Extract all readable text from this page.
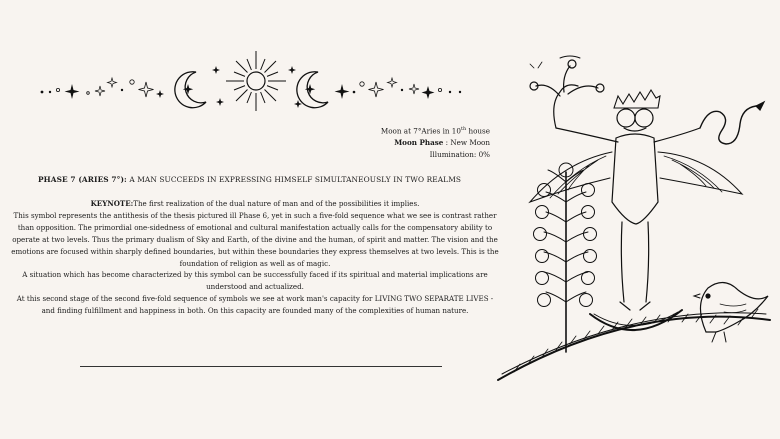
Moon at 7°Aries in 10th house
Moon Phase : New Moon
Illumination: 0%
PHASE 7 (ARIES 7°): A MAN SUCCEEDS IN EXPRESSING HIMSELF SIMULTANEOUSLY IN TWO REALMS

KEYNOTE:The first realization of the dual nature of man and of the possibilities it implies.

This symbol represents the antithesis of the thesis pictured ill Phase 6, yet in such a five-fold sequence what we see is contrast rather than opposition. The primordial one-sidedness of emotional and cultural manifestation actually calls for the compensatory ability to operate at two levels. Thus the primary dualism of Sky and Earth, of the divine and the human, of spirit and matter. The vision and the emotions are focused within sharply defined boundaries, but within these boundaries they express themselves at two levels. This is the foundation of religion as well as of magic.

A situation which has become characterized by this symbol can be successfully faced if its spiritual and material implications are understood and actualized.

At this second stage of the second five-fold sequence of symbols we see at work man's capacity for LIVING TWO SEPARATE LIVES - and finding fulfillment and happiness in both. On this capacity are founded many of the complexities of human nature.
